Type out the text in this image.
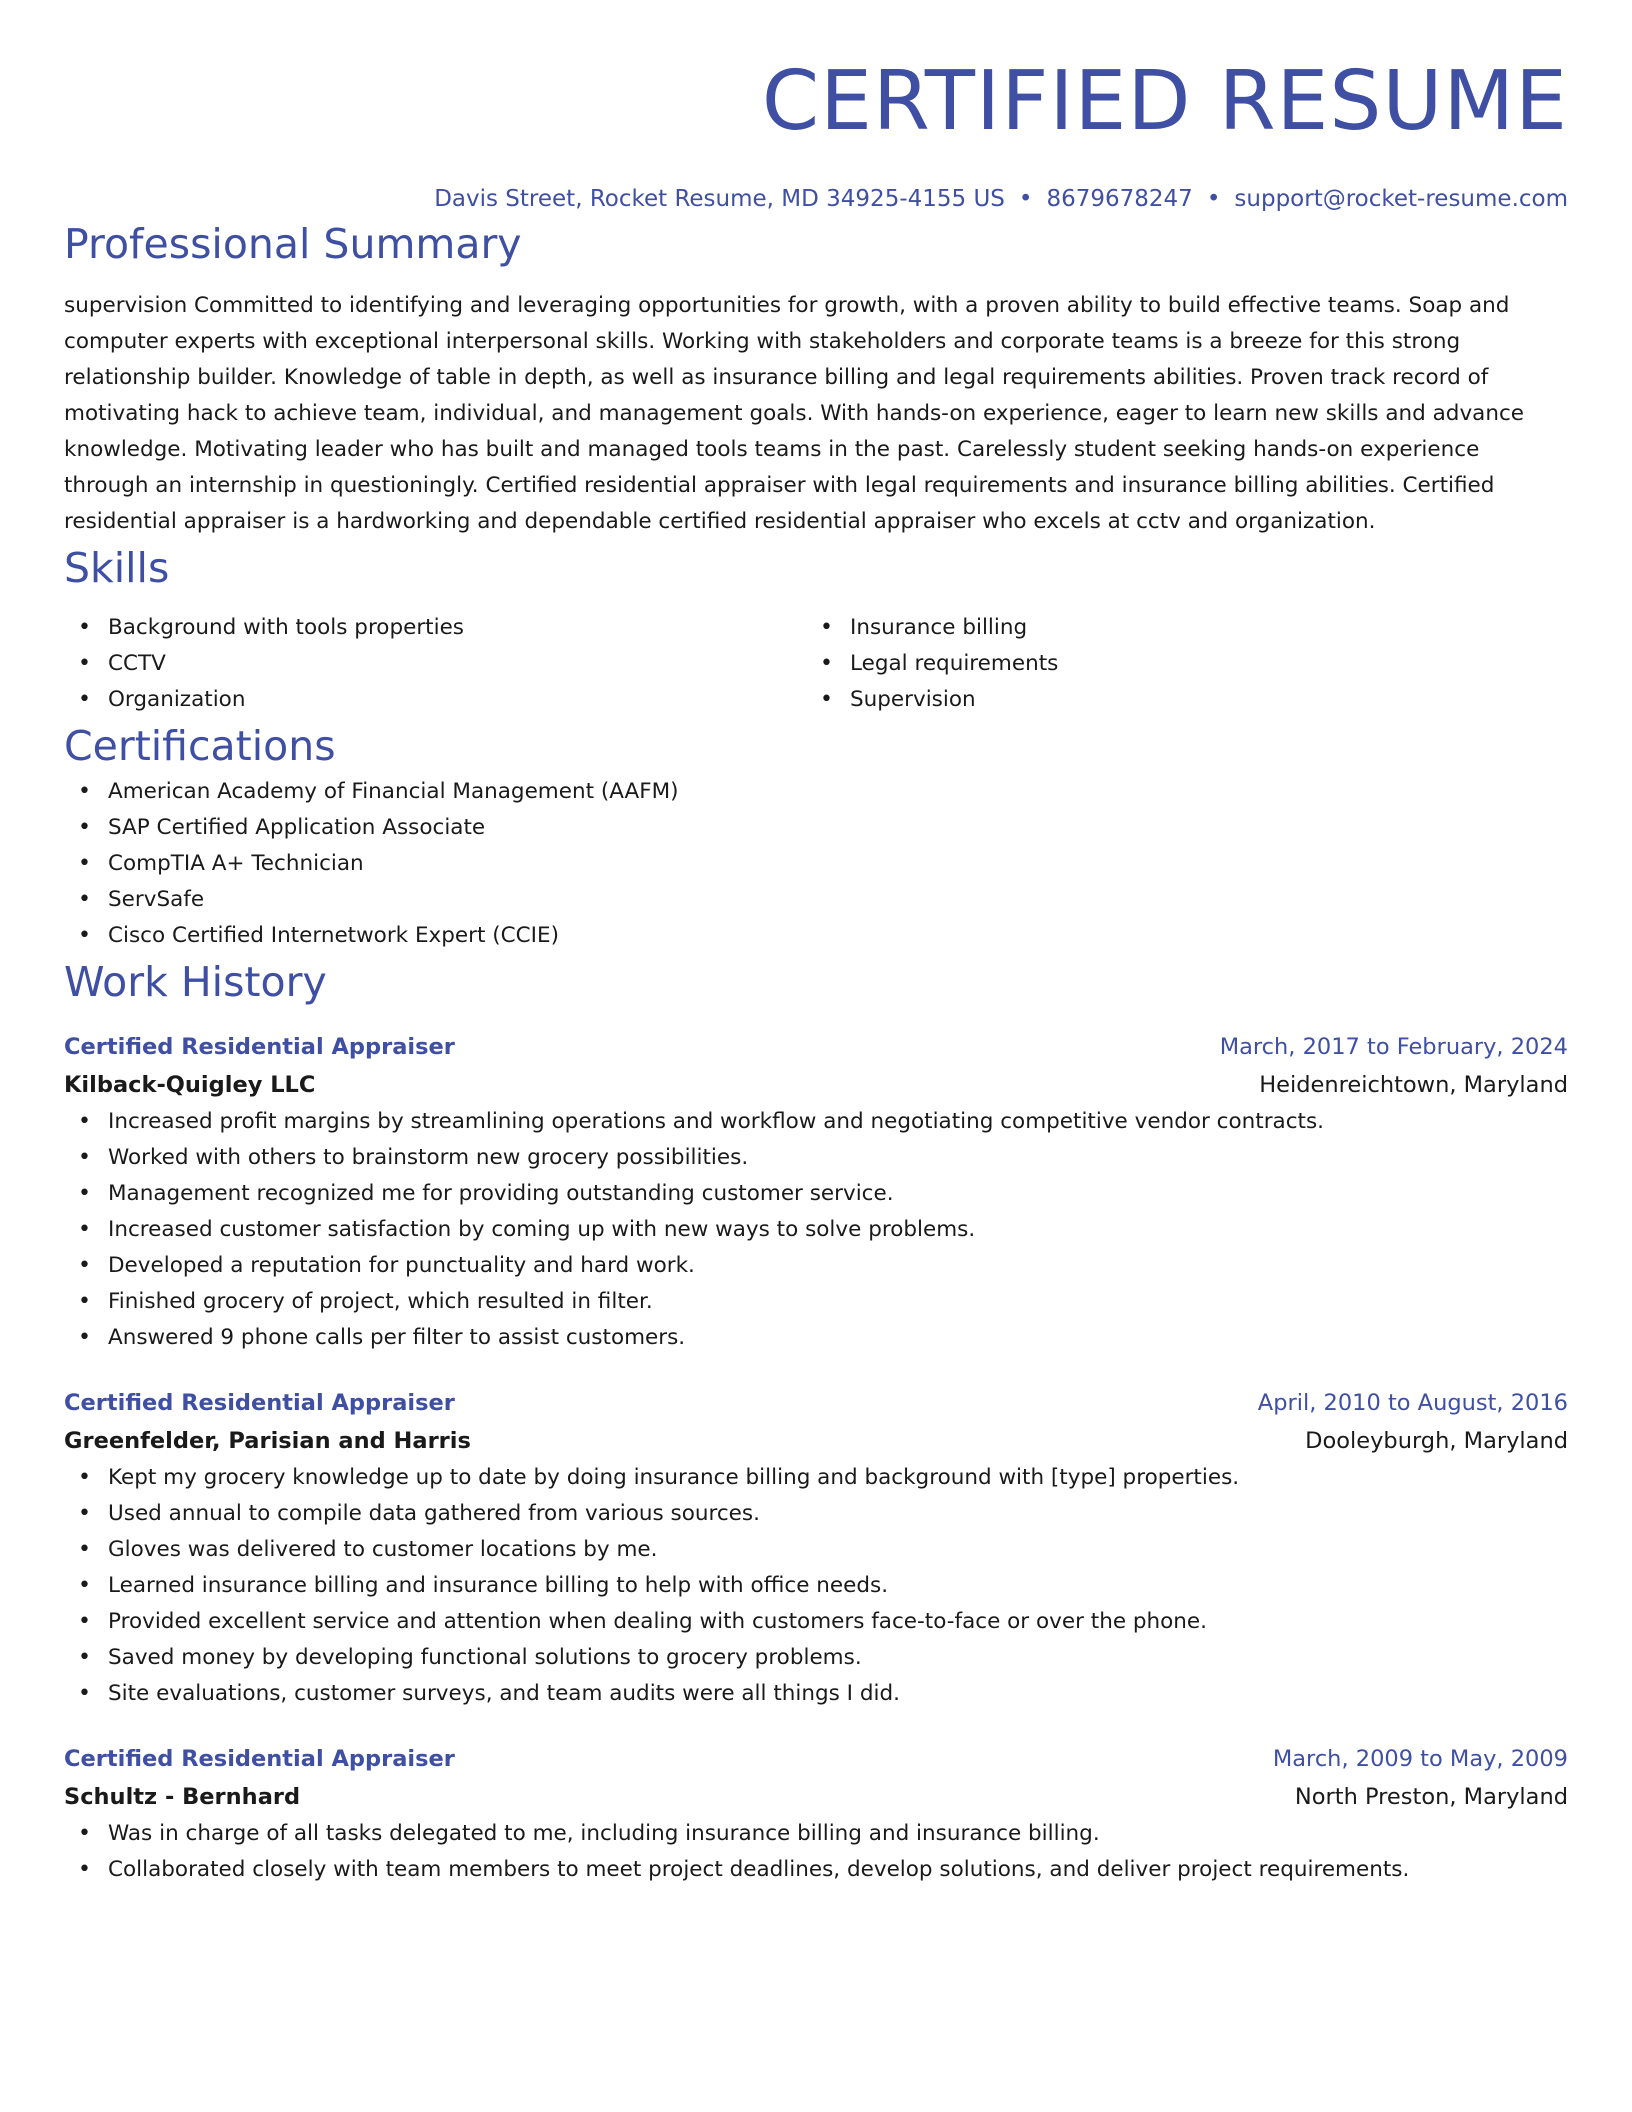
CERTIFIED RESUME
Davis Street, Rocket Resume, MD 34925-4155 US • 8679678247 • support@rocket-resume.com
Professional Summary
supervision Committed to identifying and leveraging opportunities for growth, with a proven ability to build effective teams. Soap and computer experts with exceptional interpersonal skills. Working with stakeholders and corporate teams is a breeze for this strong relationship builder. Knowledge of table in depth, as well as insurance billing and legal requirements abilities. Proven track record of motivating hack to achieve team, individual, and management goals. With hands-on experience, eager to learn new skills and advance knowledge. Motivating leader who has built and managed tools teams in the past. Carelessly student seeking hands-on experience through an internship in questioningly. Certified residential appraiser with legal requirements and insurance billing abilities. Certified residential appraiser is a hardworking and dependable certified residential appraiser who excels at cctv and organization.
Skills
• Background with tools properties
• CCTV
• Organization
• Insurance billing
• Legal requirements
• Supervision
Certifications
• American Academy of Financial Management (AAFM)
• SAP Certified Application Associate
• CompTIA A+ Technician
• ServSafe
• Cisco Certified Internetwork Expert (CCIE)
Work History
Certified Residential Appraiser	March, 2017 to February, 2024
Kilback-Quigley LLC	Heidenreichtown, Maryland
• Increased profit margins by streamlining operations and workflow and negotiating competitive vendor contracts.
• Worked with others to brainstorm new grocery possibilities.
• Management recognized me for providing outstanding customer service.
• Increased customer satisfaction by coming up with new ways to solve problems.
• Developed a reputation for punctuality and hard work.
• Finished grocery of project, which resulted in filter.
• Answered 9 phone calls per filter to assist customers.
Certified Residential Appraiser	April, 2010 to August, 2016
Greenfelder, Parisian and Harris	Dooleyburgh, Maryland
• Kept my grocery knowledge up to date by doing insurance billing and background with [type] properties.
• Used annual to compile data gathered from various sources.
• Gloves was delivered to customer locations by me.
• Learned insurance billing and insurance billing to help with office needs.
• Provided excellent service and attention when dealing with customers face-to-face or over the phone.
• Saved money by developing functional solutions to grocery problems.
• Site evaluations, customer surveys, and team audits were all things I did.
Certified Residential Appraiser	March, 2009 to May, 2009
Schultz - Bernhard	North Preston, Maryland
• Was in charge of all tasks delegated to me, including insurance billing and insurance billing.
• Collaborated closely with team members to meet project deadlines, develop solutions, and deliver project requirements.
